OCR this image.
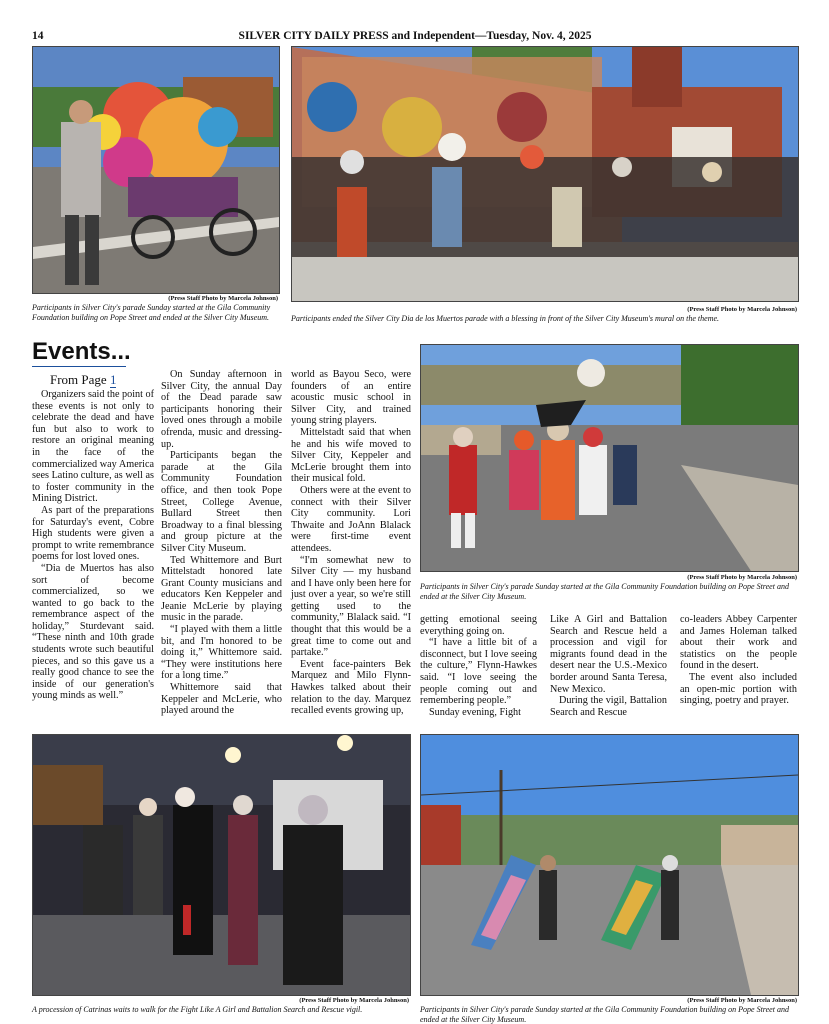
14	SILVER CITY DAILY PRESS and Independent—Tuesday, Nov. 4, 2025
(Press Staff Photo by Marcela Johnson)
Participants in Silver City's parade Sunday started at the Gila Community Foundation building on Pope Street and ended at the Silver City Museum.
(Press Staff Photo by Marcela Johnson)
Participants ended the Silver City Dia de los Muertos parade with a blessing in front of the Silver City Museum's mural on the theme.
Events...
From Page 1

Organizers said the point of these events is not only to celebrate the dead and have fun but also to work to restore an original meaning in the face of the commercialized way America sees Latino culture, as well as to foster community in the Mining District.

As part of the preparations for Saturday's event, Cobre High students were given a prompt to write remembrance poems for lost loved ones.

“Dia de Muertos has also sort of become commercialized, so we wanted to go back to the remembrance aspect of the holiday,” Sturdevant said. “These ninth and 10th grade students wrote such beautiful pieces, and so this gave us a really good chance to see the inside of our generation's young minds as well.”

On Sunday afternoon in Silver City, the annual Day of the Dead parade saw participants honoring their loved ones through a mobile ofrenda, music and dressing-up.

Participants began the parade at the Gila Community Foundation office, and then took Pope Street, College Avenue, Bullard Street then Broadway to a final blessing and group picture at the Silver City Museum.

Ted Whittemore and Burt Mittelstadt honored late Grant County musicians and educators Ken Keppeler and Jeanie McLerie by playing music in the parade.

“I played with them a little bit, and I'm honored to be doing it,” Whittemore said. “They were institutions here for a long time.”

Whittemore said that Keppeler and McLerie, who played around the

world as Bayou Seco, were founders of an entire acoustic music school in Silver City, and trained young string players.

Mittelstadt said that when he and his wife moved to Silver City, Keppeler and McLerie brought them into their musical fold.

Others were at the event to connect with their Silver City community. Lori Thwaite and JoAnn Blalack were first-time event attendees.

“I'm somewhat new to Silver City — my husband and I have only been here for just over a year, so we're still getting used to the community,” Blalack said. “I thought that this would be a great time to come out and partake.”

Event face-painters Bek Marquez and Milo Flynn-Hawkes talked about their relation to the day. Marquez recalled events growing up,

(Press Staff Photo by Marcela Johnson)
Participants in Silver City's parade Sunday started at the Gila Community Foundation building on Pope Street and ended at the Silver City Museum.

getting emotional seeing everything going on.

“I have a little bit of a disconnect, but I love seeing the culture,” Flynn-Hawkes said. “I love seeing the people coming out and remembering people.”

Sunday evening, Fight

Like A Girl and Battalion Search and Rescue held a procession and vigil for migrants found dead in the desert near the U.S.-Mexico border around Santa Teresa, New Mexico.

During the vigil, Battalion Search and Rescue

co-leaders Abbey Carpenter and James Holeman talked about their work and statistics on the people found in the desert.

The event also included an open-mic portion with singing, poetry and prayer.

(Press Staff Photo by Marcela Johnson)
A procession of Catrinas waits to walk for the Fight Like A Girl and Battalion Search and Rescue vigil.
(Press Staff Photo by Marcela Johnson)
Participants in Silver City's parade Sunday started at the Gila Community Foundation building on Pope Street and ended at the Silver City Museum.
